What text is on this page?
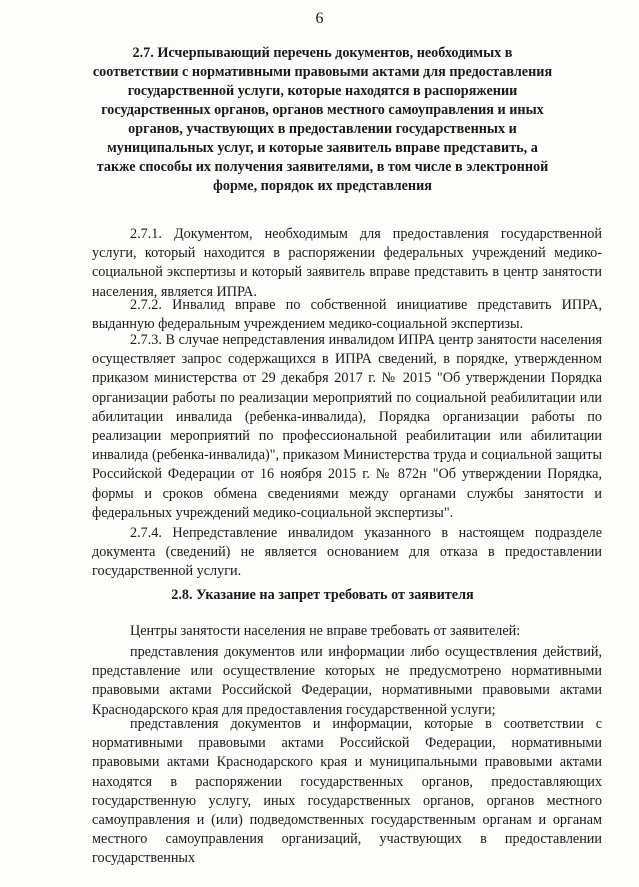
6
2.7. Исчерпывающий перечень документов, необходимых в соответствии с нормативными правовыми актами для предоставления государственной услуги, которые находятся в распоряжении государственных органов, органов местного самоуправления и иных органов, участвующих в предоставлении государственных и муниципальных услуг, и которые заявитель вправе представить, а также способы их получения заявителями, в том числе в электронной форме, порядок их представления

2.7.1. Документом, необходимым для предоставления государственной услуги, который находится в распоряжении федеральных учреждений медико-социальной экспертизы и который заявитель вправе представить в центр занятости населения, является ИПРА.

2.7.2. Инвалид вправе по собственной инициативе представить ИПРА, выданную федеральным учреждением медико-социальной экспертизы.

2.7.3. В случае непредставления инвалидом ИПРА центр занятости населения осуществляет запрос содержащихся в ИПРА сведений, в порядке, утвержденном приказом министерства от 29 декабря 2017 г. № 2015 "Об утверждении Порядка организации работы по реализации мероприятий по социальной реабилитации или абилитации инвалида (ребенка-инвалида), Порядка организации работы по реализации мероприятий по профессиональной реабилитации или абилитации инвалида (ребенка-инвалида)", приказом Министерства труда и социальной защиты Российской Федерации от 16 ноября 2015 г. № 872н "Об утверждении Порядка, формы и сроков обмена сведениями между органами службы занятости и федеральных учреждений медико-социальной экспертизы".

2.7.4. Непредставление инвалидом указанного в настоящем подразделе документа (сведений) не является основанием для отказа в предоставлении государственной услуги.

2.8. Указание на запрет требовать от заявителя

Центры занятости населения не вправе требовать от заявителей:

представления документов или информации либо осуществления действий, представление или осуществление которых не предусмотрено нормативными правовыми актами Российской Федерации, нормативными правовыми актами Краснодарского края для предоставления государственной услуги;

представления документов и информации, которые в соответствии с нормативными правовыми актами Российской Федерации, нормативными правовыми актами Краснодарского края и муниципальными правовыми актами находятся в распоряжении государственных органов, предоставляющих государственную услугу, иных государственных органов, органов местного самоуправления и (или) подведомственных государственным органам и органам местного самоуправления организаций, участвующих в предоставлении государственных
